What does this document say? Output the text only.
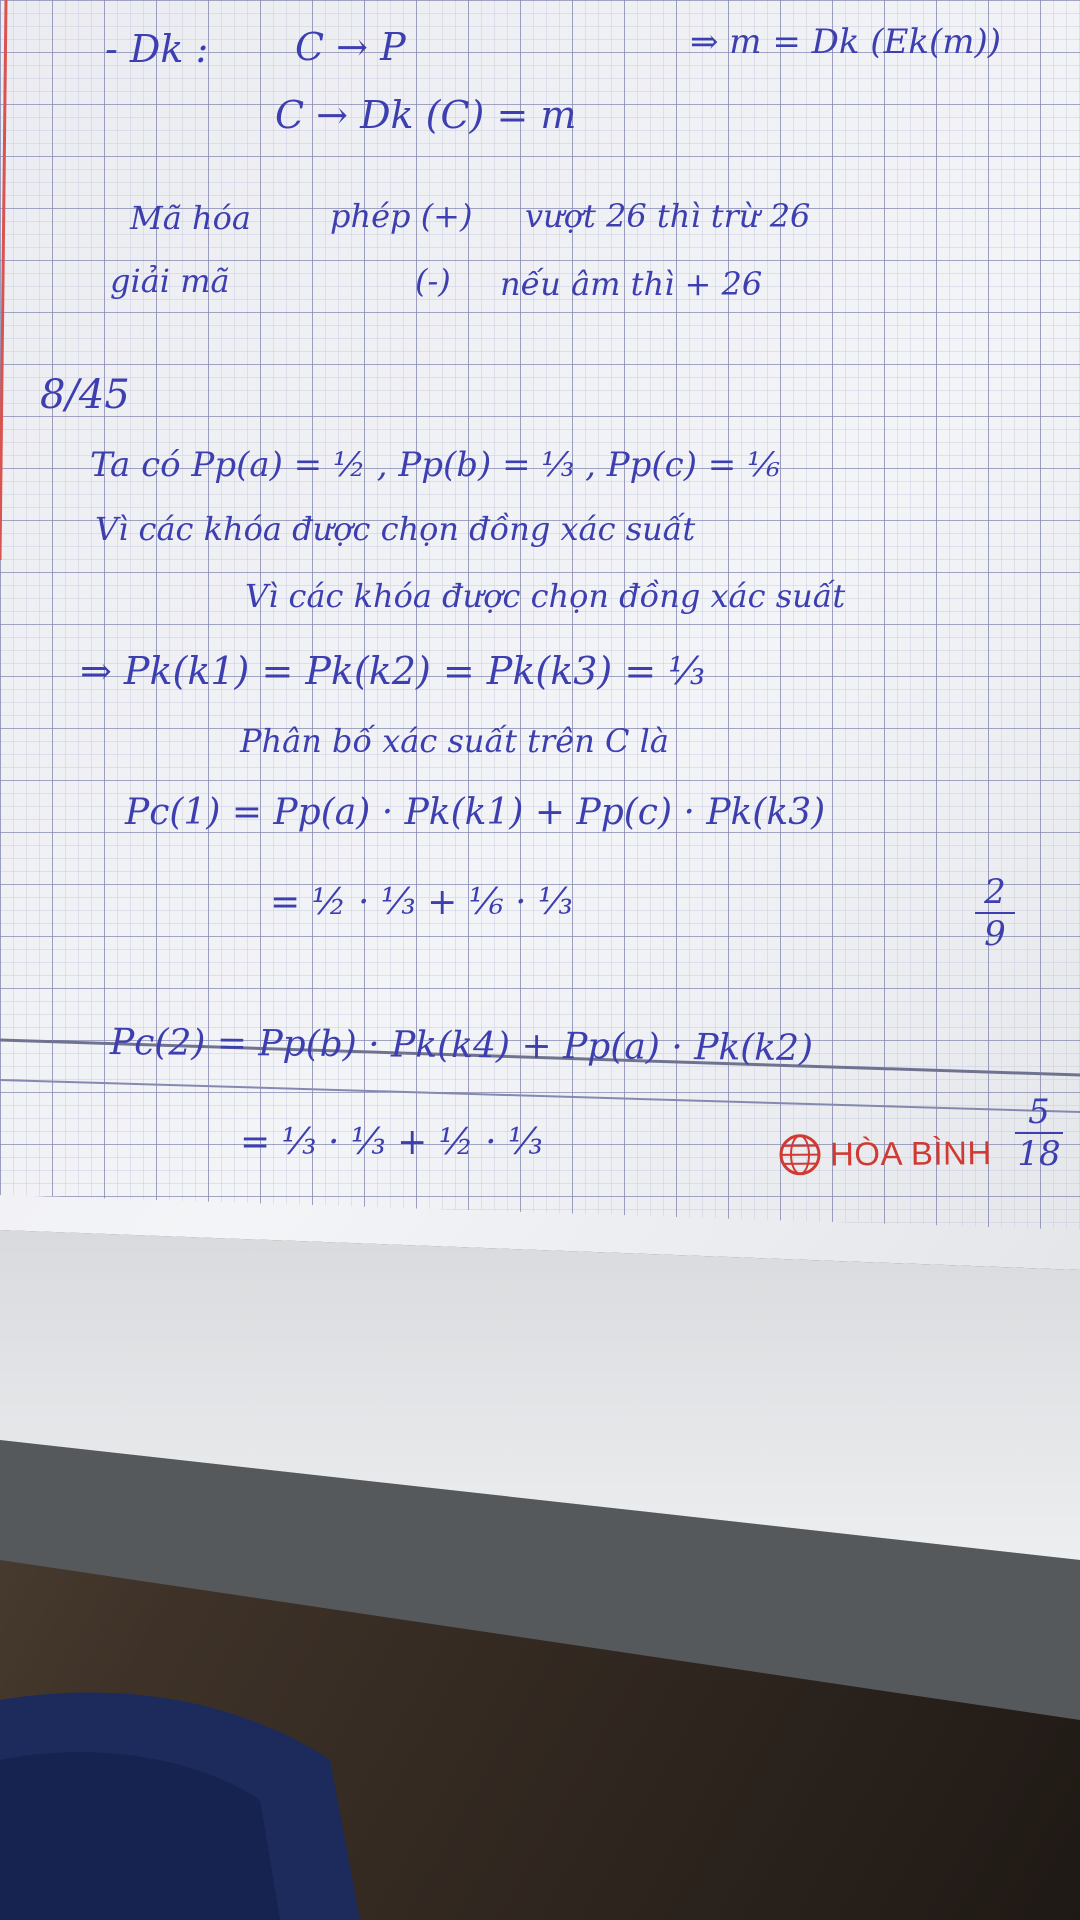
- Dk : C → P	⇒ m = Dk (Ek(m))
C → Dk (C) = m
Mã hóa phép (+) vượt 26 thì trừ 26
giải mã	(-) nếu âm thì + 26
8/45
Ta có Pp(a) = ½ , Pp(b) = ⅓ , Pp(c) = ⅙
Vì các khóa được chọn đồng xác suất
Vì các khóa được chọn đồng xác suất
⇒ Pk(k1) = Pk(k2) = Pk(k3) = ⅓
Phân bố xác suất trên C là
Pc(1) = Pp(a) · Pk(k1) + Pp(c) · Pk(k3)
= ½ · ⅓ + ⅙ · ⅓	2
9
Pc(2) = Pp(b) · Pk(k4) + Pp(a) · Pk(k2)
= ⅓ · ⅓ + ½ · ⅓	HÒA BÌNH
5
18
